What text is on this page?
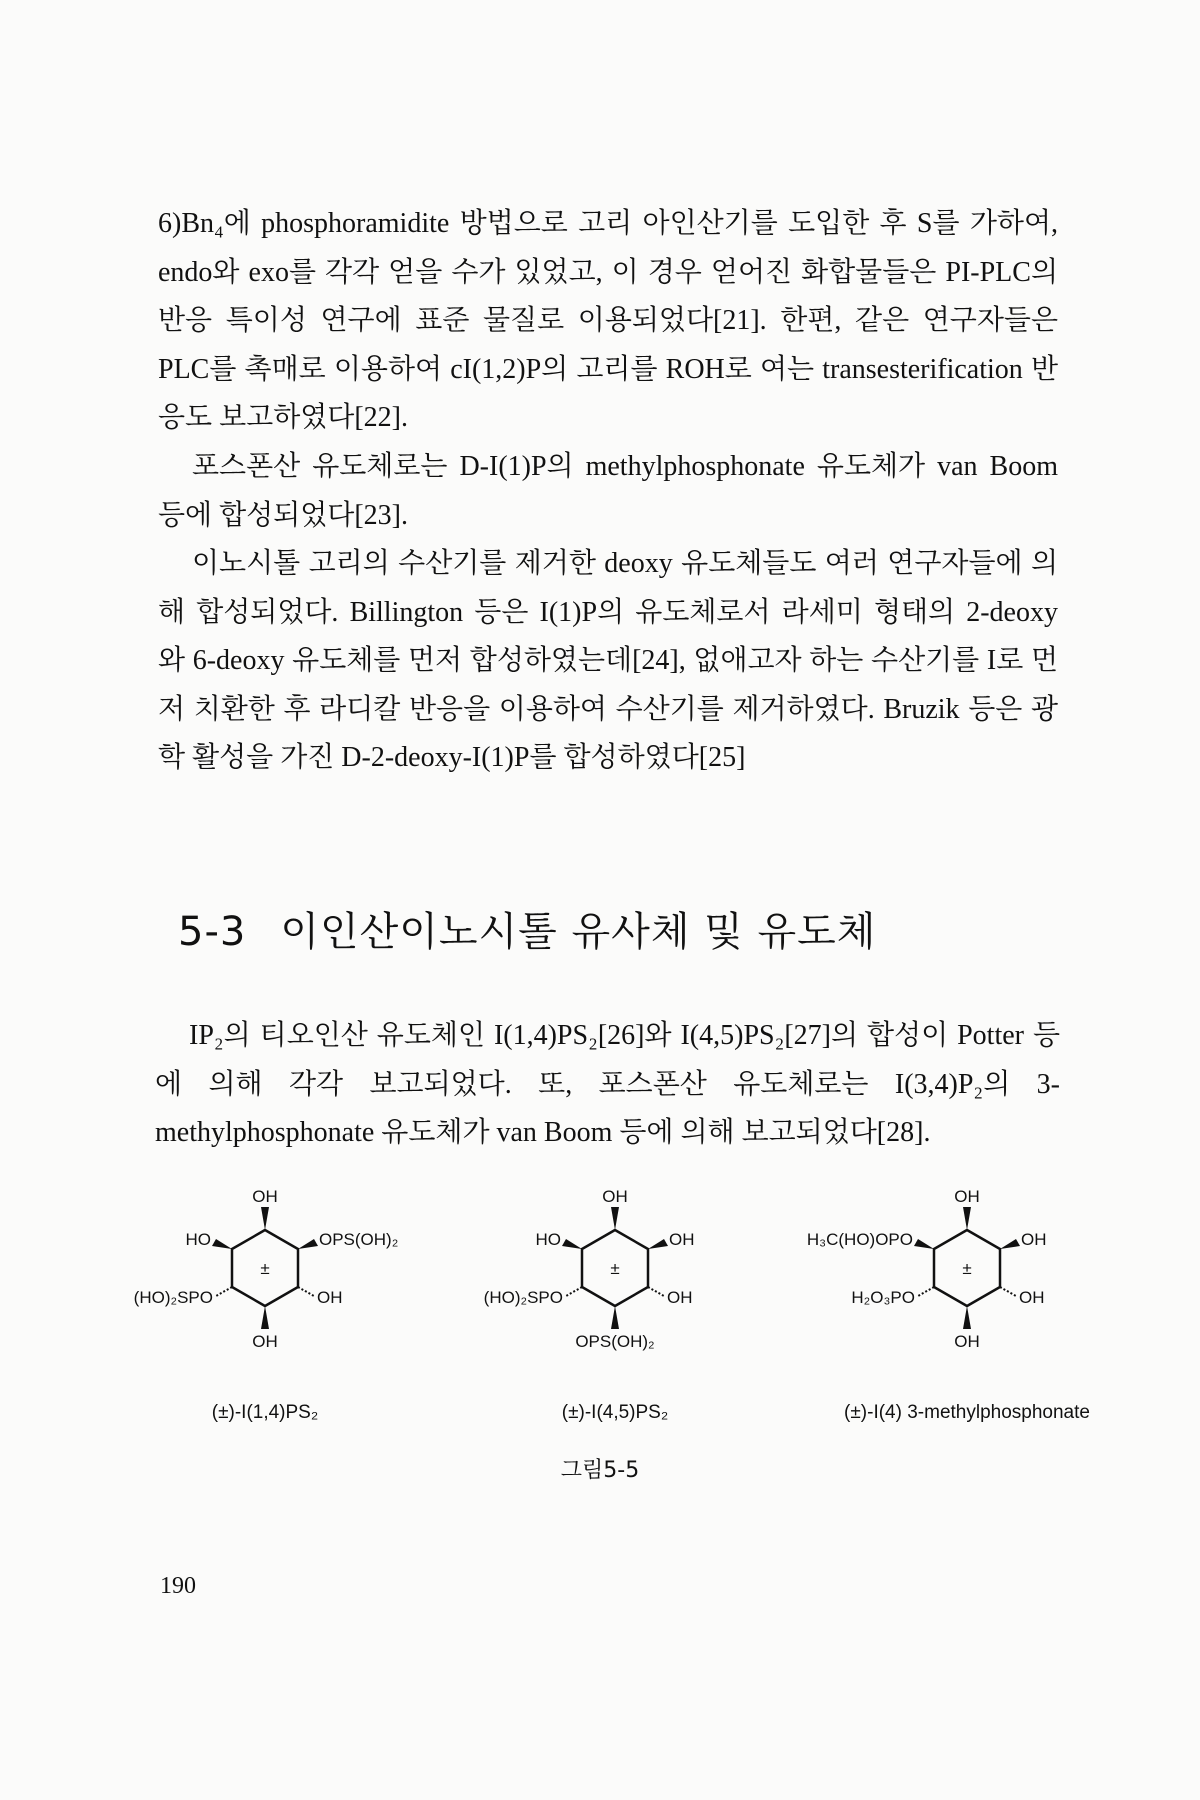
6)Bn₄에 phosphoramidite 방법으로 고리 아인산기를 도입한 후 S를 가하여, endo와 exo를 각각 얻을 수가 있었고, 이 경우 얻어진 화합물들은 PI-PLC의 반응 특이성 연구에 표준 물질로 이용되었다[21]. 한편, 같은 연구자들은 PLC를 촉매로 이용하여 cI(1,2)P의 고리를 ROH로 여는 transesterification 반응도 보고하였다[22].

포스폰산 유도체로는 D-I(1)P의 methylphosphonate 유도체가 van Boom 등에 합성되었다[23].

이노시톨 고리의 수산기를 제거한 deoxy 유도체들도 여러 연구자들에 의해 합성되었다. Billington 등은 I(1)P의 유도체로서 라세미 형태의 2-deoxy 와 6-deoxy 유도체를 먼저 합성하였는데[24], 없애고자 하는 수산기를 I로 먼저 치환한 후 라디칼 반응을 이용하여 수산기를 제거하였다. Bruzik 등은 광학 활성을 가진 D-2-deoxy-I(1)P를 합성하였다[25]

5-3 이인산이노시톨 유사체 및 유도체

IP₂의 티오인산 유도체인 I(1,4)PS₂[26]와 I(4,5)PS₂[27]의 합성이 Potter 등에 의해 각각 보고되었다. 또, 포스폰산 유도체로는 I(3,4)P₂의 3-methylphosphonate 유도체가 van Boom 등에 의해 보고되었다[28].

OH
HO	OPS(OH)₂
(HO)₂SPO	OH
OH
±
OH
HO	OH
(HO)₂SPO	OH
OPS(OH)₂
±
OH
H₃C(HO)OPO	OH
H₂O₃PO	OH
OH
±
(±)-I(1,4)PS₂	(±)-I(4,5)PS₂	(±)-I(4) 3-methylphosphonate
그림5-5
190
